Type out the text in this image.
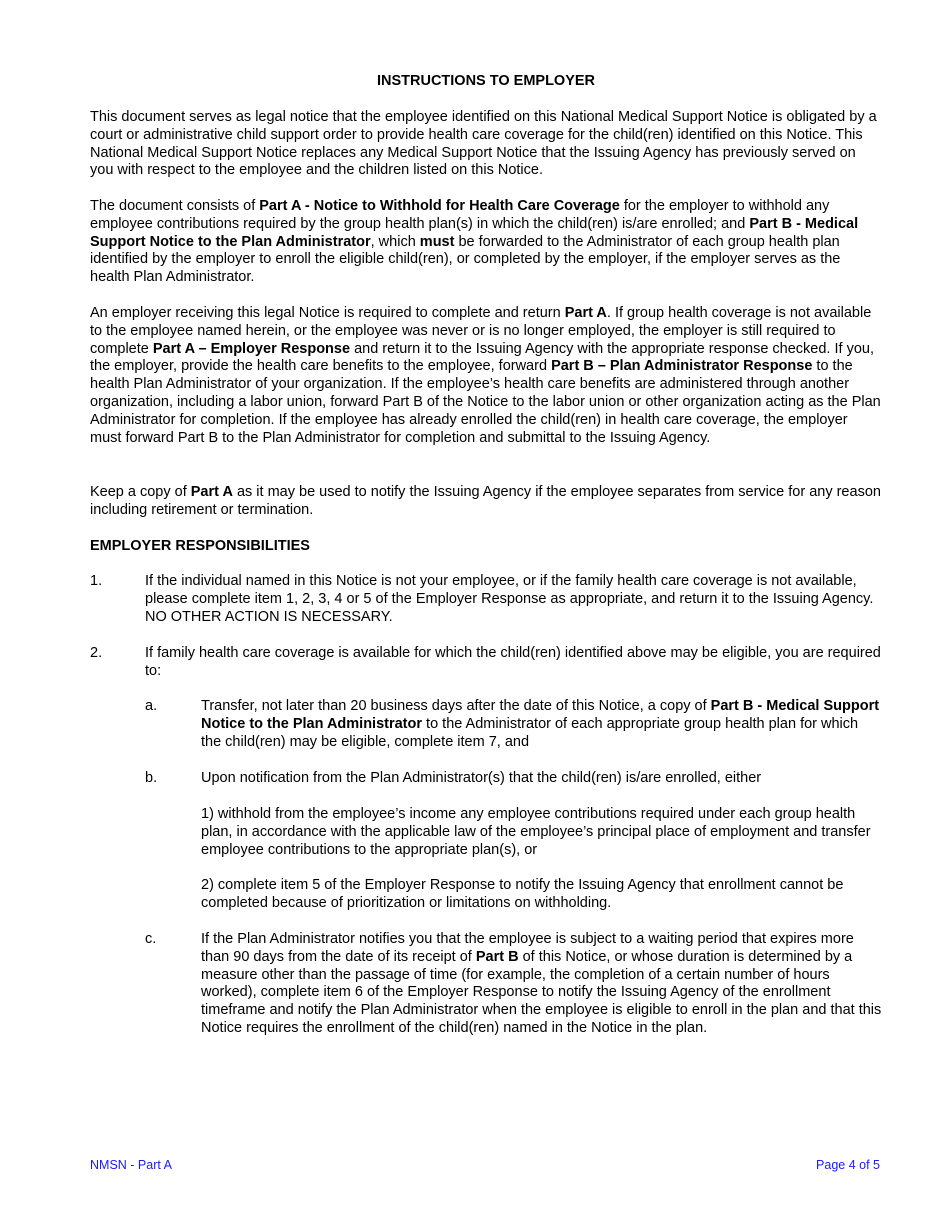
INSTRUCTIONS TO EMPLOYER

This document serves as legal notice that the employee identified on this National Medical Support Notice is obligated by a court or administrative child support order to provide health care coverage for the child(ren) identified on this Notice. This National Medical Support Notice replaces any Medical Support Notice that the Issuing Agency has previously served on you with respect to the employee and the children listed on this Notice.

The document consists of Part A - Notice to Withhold for Health Care Coverage for the employer to withhold any employee contributions required by the group health plan(s) in which the child(ren) is/are enrolled; and Part B - Medical Support Notice to the Plan Administrator, which must be forwarded to the Administrator of each group health plan identified by the employer to enroll the eligible child(ren), or completed by the employer, if the employer serves as the health Plan Administrator.

An employer receiving this legal Notice is required to complete and return Part A. If group health coverage is not available to the employee named herein, or the employee was never or is no longer employed, the employer is still required to complete Part A – Employer Response and return it to the Issuing Agency with the appropriate response checked. If you, the employer, provide the health care benefits to the employee, forward Part B – Plan Administrator Response to the health Plan Administrator of your organization. If the employee’s health care benefits are administered through another organization, including a labor union, forward Part B of the Notice to the labor union or other organization acting as the Plan Administrator for completion. If the employee has already enrolled the child(ren) in health care coverage, the employer must forward Part B to the Plan Administrator for completion and submittal to the Issuing Agency.

Keep a copy of Part A as it may be used to notify the Issuing Agency if the employee separates from service for any reason including retirement or termination.

EMPLOYER RESPONSIBILITIES
1.	If the individual named in this Notice is not your employee, or if the family health care coverage is not available, please complete item 1, 2, 3, 4 or 5 of the Employer Response as appropriate, and return it to the Issuing Agency. NO OTHER ACTION IS NECESSARY.
2.	If family health care coverage is available for which the child(ren) identified above may be eligible, you are required to:
a.	Transfer, not later than 20 business days after the date of this Notice, a copy of Part B - Medical Support Notice to the Plan Administrator to the Administrator of each appropriate group health plan for which the child(ren) may be eligible, complete item 7, and
b.	Upon notification from the Plan Administrator(s) that the child(ren) is/are enrolled, either
1) withhold from the employee’s income any employee contributions required under each group health plan, in accordance with the applicable law of the employee’s principal place of employment and transfer employee contributions to the appropriate plan(s), or
2) complete item 5 of the Employer Response to notify the Issuing Agency that enrollment cannot be completed because of prioritization or limitations on withholding.
c.	If the Plan Administrator notifies you that the employee is subject to a waiting period that expires more than 90 days from the date of its receipt of Part B of this Notice, or whose duration is determined by a measure other than the passage of time (for example, the completion of a certain number of hours worked), complete item 6 of the Employer Response to notify the Issuing Agency of the enrollment timeframe and notify the Plan Administrator when the employee is eligible to enroll in the plan and that this Notice requires the enrollment of the child(ren) named in the Notice in the plan.
NMSN - Part A	Page 4 of 5
